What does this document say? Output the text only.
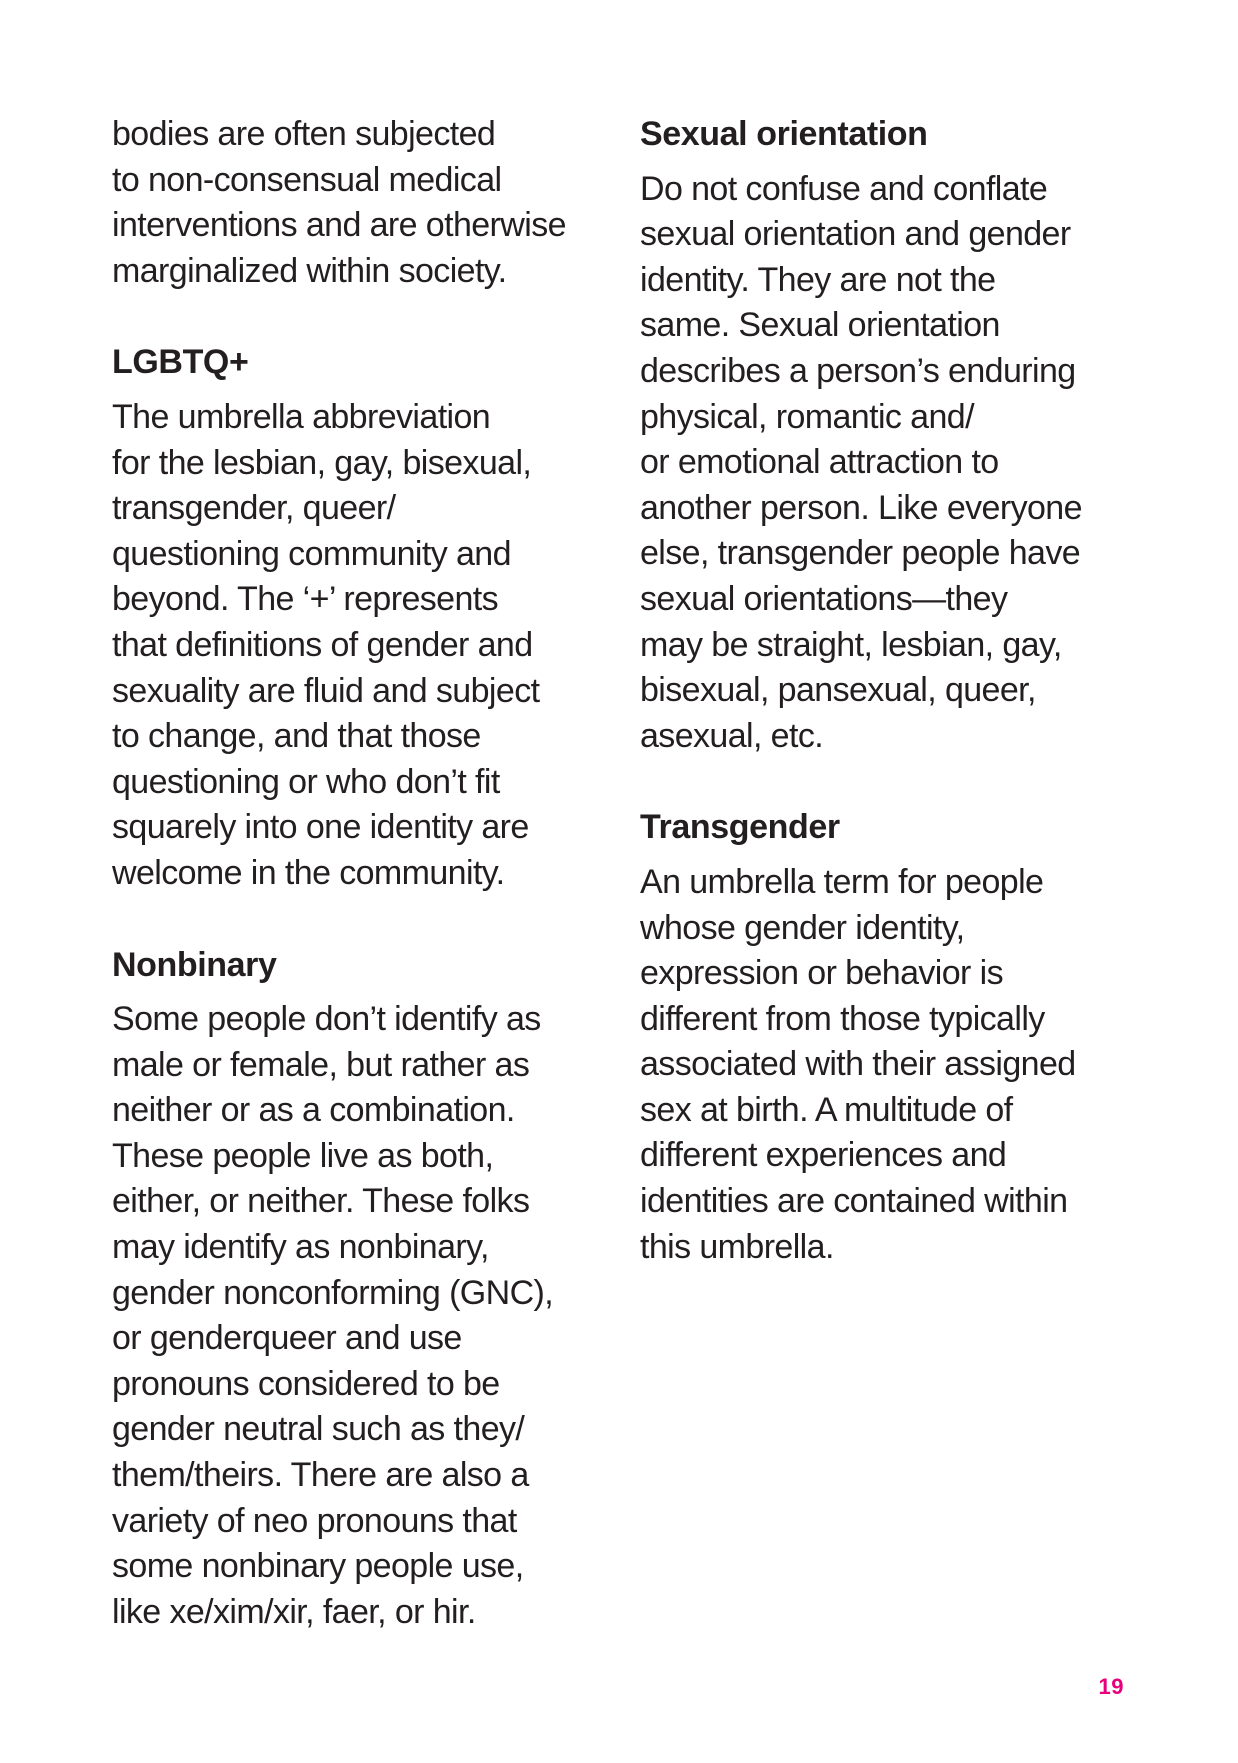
bodies are often subjected
to non-consensual medical
interventions and are otherwise
marginalized within society.
LGBTQ+
The umbrella abbreviation
for the lesbian, gay, bisexual,
transgender, queer/
questioning community and
beyond. The ‘+’ represents
that definitions of gender and
sexuality are fluid and subject
to change, and that those
questioning or who don’t fit
squarely into one identity are
welcome in the community.
Nonbinary
Some people don’t identify as
male or female, but rather as
neither or as a combination.
These people live as both,
either, or neither. These folks
may identify as nonbinary,
gender nonconforming (GNC),
or genderqueer and use
pronouns considered to be
gender neutral such as they/
them/theirs. There are also a
variety of neo pronouns that
some nonbinary people use,
like xe/xim/xir, faer, or hir.
Sexual orientation
Do not confuse and conflate
sexual orientation and gender
identity. They are not the
same. Sexual orientation
describes a person’s enduring
physical, romantic and/
or emotional attraction to
another person. Like everyone
else, transgender people have
sexual orientations—they
may be straight, lesbian, gay,
bisexual, pansexual, queer,
asexual, etc.
Transgender
An umbrella term for people
whose gender identity,
expression or behavior is
different from those typically
associated with their assigned
sex at birth. A multitude of
different experiences and
identities are contained within
this umbrella.
19
